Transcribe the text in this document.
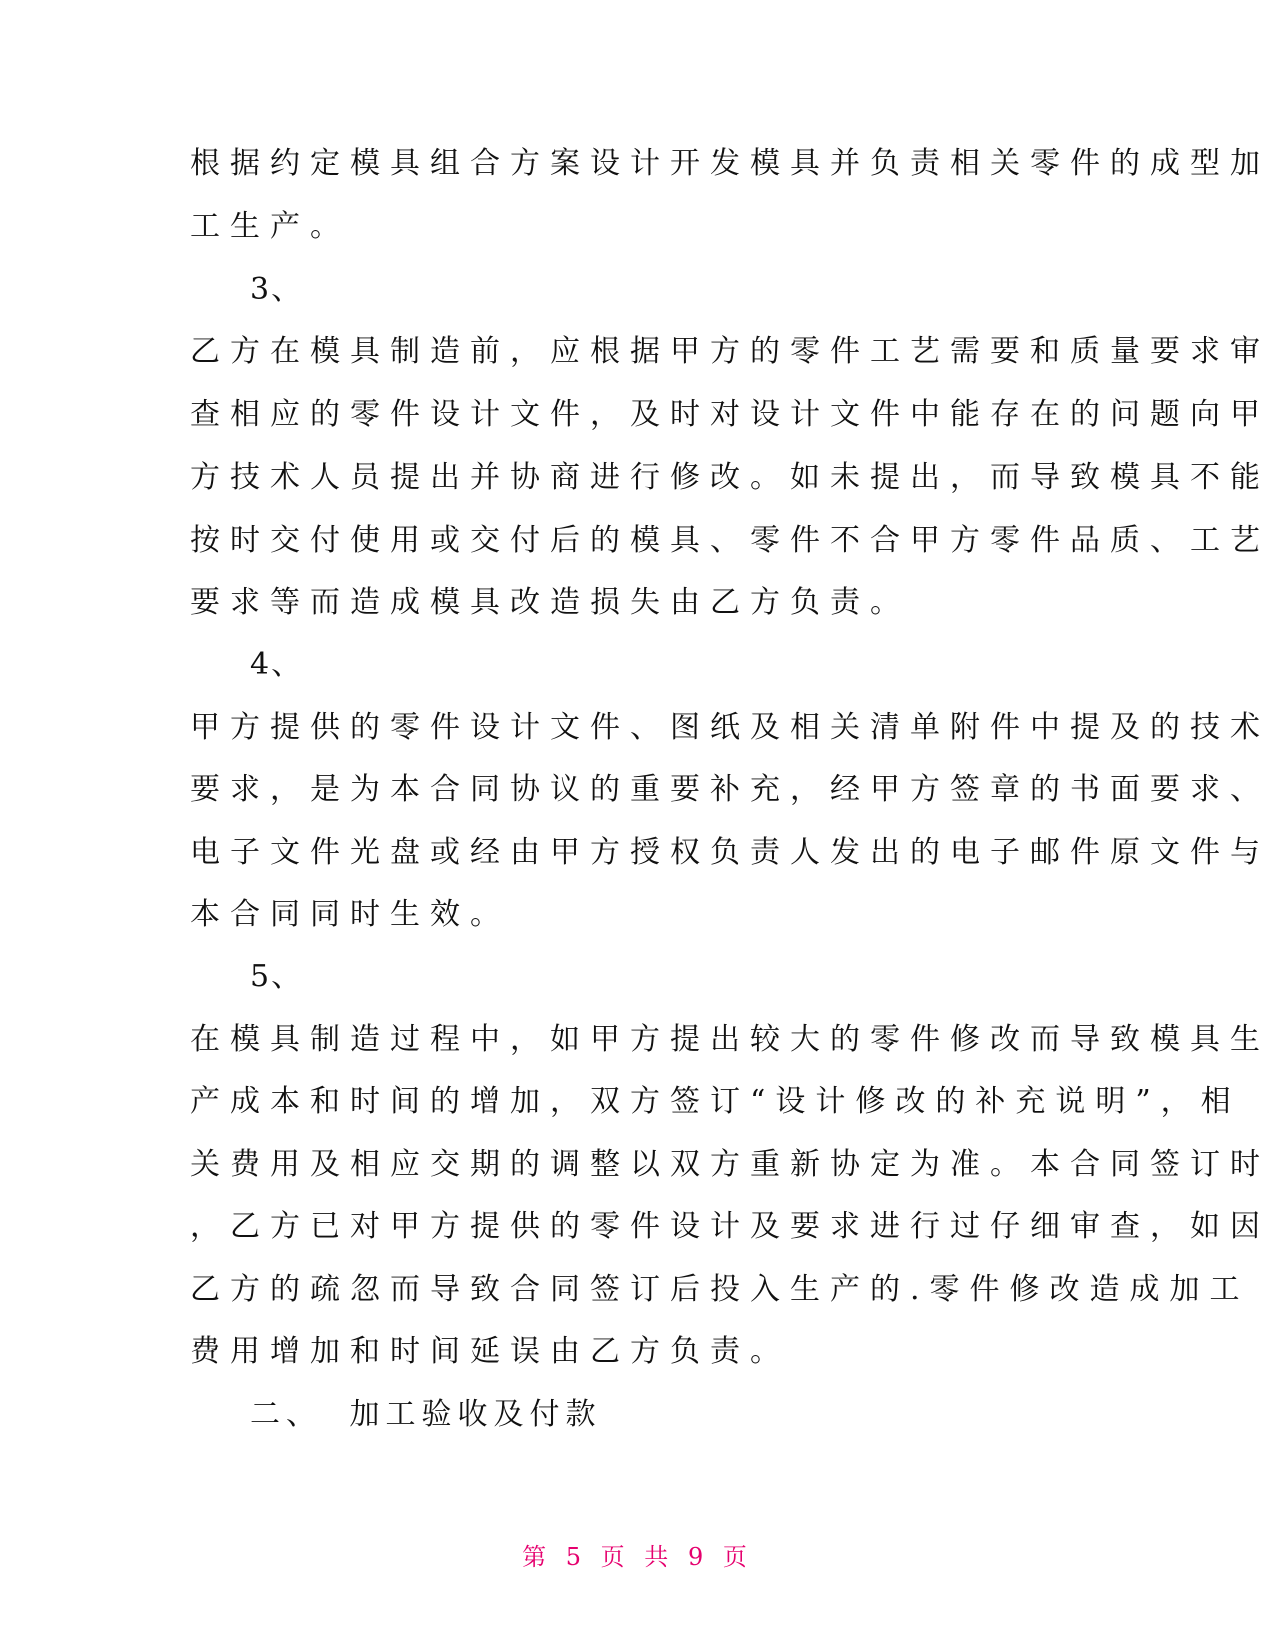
根据约定模具组合方案设计开发模具并负责相关零件的成型加
工生产。
3、
乙方在模具制造前，应根据甲方的零件工艺需要和质量要求审
查相应的零件设计文件，及时对设计文件中能存在的问题向甲
方技术人员提出并协商进行修改。如未提出，而导致模具不能
按时交付使用或交付后的模具、零件不合甲方零件品质、工艺
要求等而造成模具改造损失由乙方负责。
4、
甲方提供的零件设计文件、图纸及相关清单附件中提及的技术
要求，是为本合同协议的重要补充，经甲方签章的书面要求、
电子文件光盘或经由甲方授权负责人发出的电子邮件原文件与
本合同同时生效。
5、
在模具制造过程中，如甲方提出较大的零件修改而导致模具生
产成本和时间的增加，双方签订“设计修改的补充说明”，相
关费用及相应交期的调整以双方重新协定为准。本合同签订时
，乙方已对甲方提供的零件设计及要求进行过仔细审查，如因
乙方的疏忽而导致合同签订后投入生产的.零件修改造成加工
费用增加和时间延误由乙方负责。
二、 加工验收及付款
第 5 页 共 9 页
